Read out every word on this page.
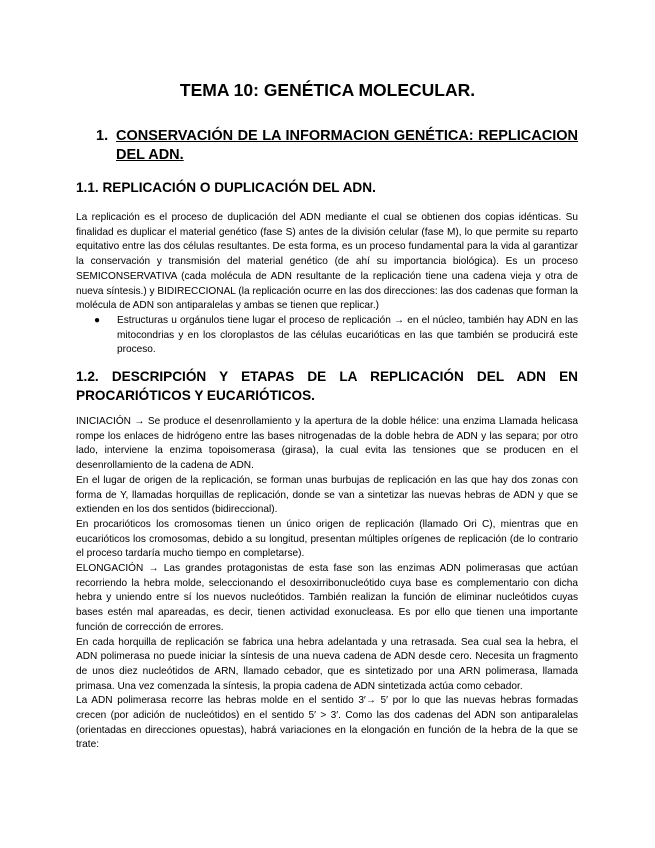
TEMA 10: GENÉTICA MOLECULAR.
1. CONSERVACIÓN DE LA INFORMACION GENÉTICA: REPLICACION DEL ADN.
1.1. REPLICACIÓN O DUPLICACIÓN DEL ADN.

La replicación es el proceso de duplicación del ADN mediante el cual se obtienen dos copias idénticas. Su finalidad es duplicar el material genético (fase S) antes de la división celular (fase M), lo que permite su reparto equitativo entre las dos células resultantes. De esta forma, es un proceso fundamental para la vida al garantizar la conservación y transmisión del material genético (de ahí su importancia biológica). Es un proceso SEMICONSERVATIVA (cada molécula de ADN resultante de la replicación tiene una cadena vieja y otra de nueva síntesis.) y BIDIRECCIONAL (la replicación ocurre en las dos direcciones: las dos cadenas que forman la molécula de ADN son antiparalelas y ambas se tienen que replicar.)

● Estructuras u orgánulos tiene lugar el proceso de replicación → en el núcleo, también hay ADN en las mitocondrias y en los cloroplastos de las células eucarióticas en las que también se producirá este proceso.
1.2. DESCRIPCIÓN Y ETAPAS DE LA REPLICACIÓN DEL ADN EN PROCARIÓTICOS Y EUCARIÓTICOS.

INICIACIÓN → Se produce el desenrollamiento y la apertura de la doble hélice: una enzima Llamada helicasa rompe los enlaces de hidrógeno entre las bases nitrogenadas de la doble hebra de ADN y las separa; por otro lado, interviene la enzima topoisomerasa (girasa), la cual evita las tensiones que se producen en el desenrollamiento de la cadena de ADN.

En el lugar de origen de la replicación, se forman unas burbujas de replicación en las que hay dos zonas con forma de Y, llamadas horquillas de replicación, donde se van a sintetizar las nuevas hebras de ADN y que se extienden en los dos sentidos (bidireccional).

En procarióticos los cromosomas tienen un único origen de replicación (llamado Ori C), mientras que en eucarióticos los cromosomas, debido a su longitud, presentan múltiples orígenes de replicación (de lo contrario el proceso tardaría mucho tiempo en completarse).

ELONGACIÓN → Las grandes protagonistas de esta fase son las enzimas ADN polimerasas que actúan recorriendo la hebra molde, seleccionando el desoxirribonucleótido cuya base es complementario con dicha hebra y uniendo entre sí los nuevos nucleótidos. También realizan la función de eliminar nucleótidos cuyas bases estén mal apareadas, es decir, tienen actividad exonucleasa. Es por ello que tienen una importante función de corrección de errores.

En cada horquilla de replicación se fabrica una hebra adelantada y una retrasada. Sea cual sea la hebra, el ADN polimerasa no puede iniciar la síntesis de una nueva cadena de ADN desde cero. Necesita un fragmento de unos diez nucleótidos de ARN, llamado cebador, que es sintetizado por una ARN polimerasa, llamada primasa. Una vez comenzada la síntesis, la propia cadena de ADN sintetizada actúa como cebador.

La ADN polimerasa recorre las hebras molde en el sentido 3′→ 5′ por lo que las nuevas hebras formadas crecen (por adición de nucleótidos) en el sentido 5′ > 3′. Como las dos cadenas del ADN son antiparalelas (orientadas en direcciones opuestas), habrá variaciones en la elongación en función de la hebra de la que se trate:
